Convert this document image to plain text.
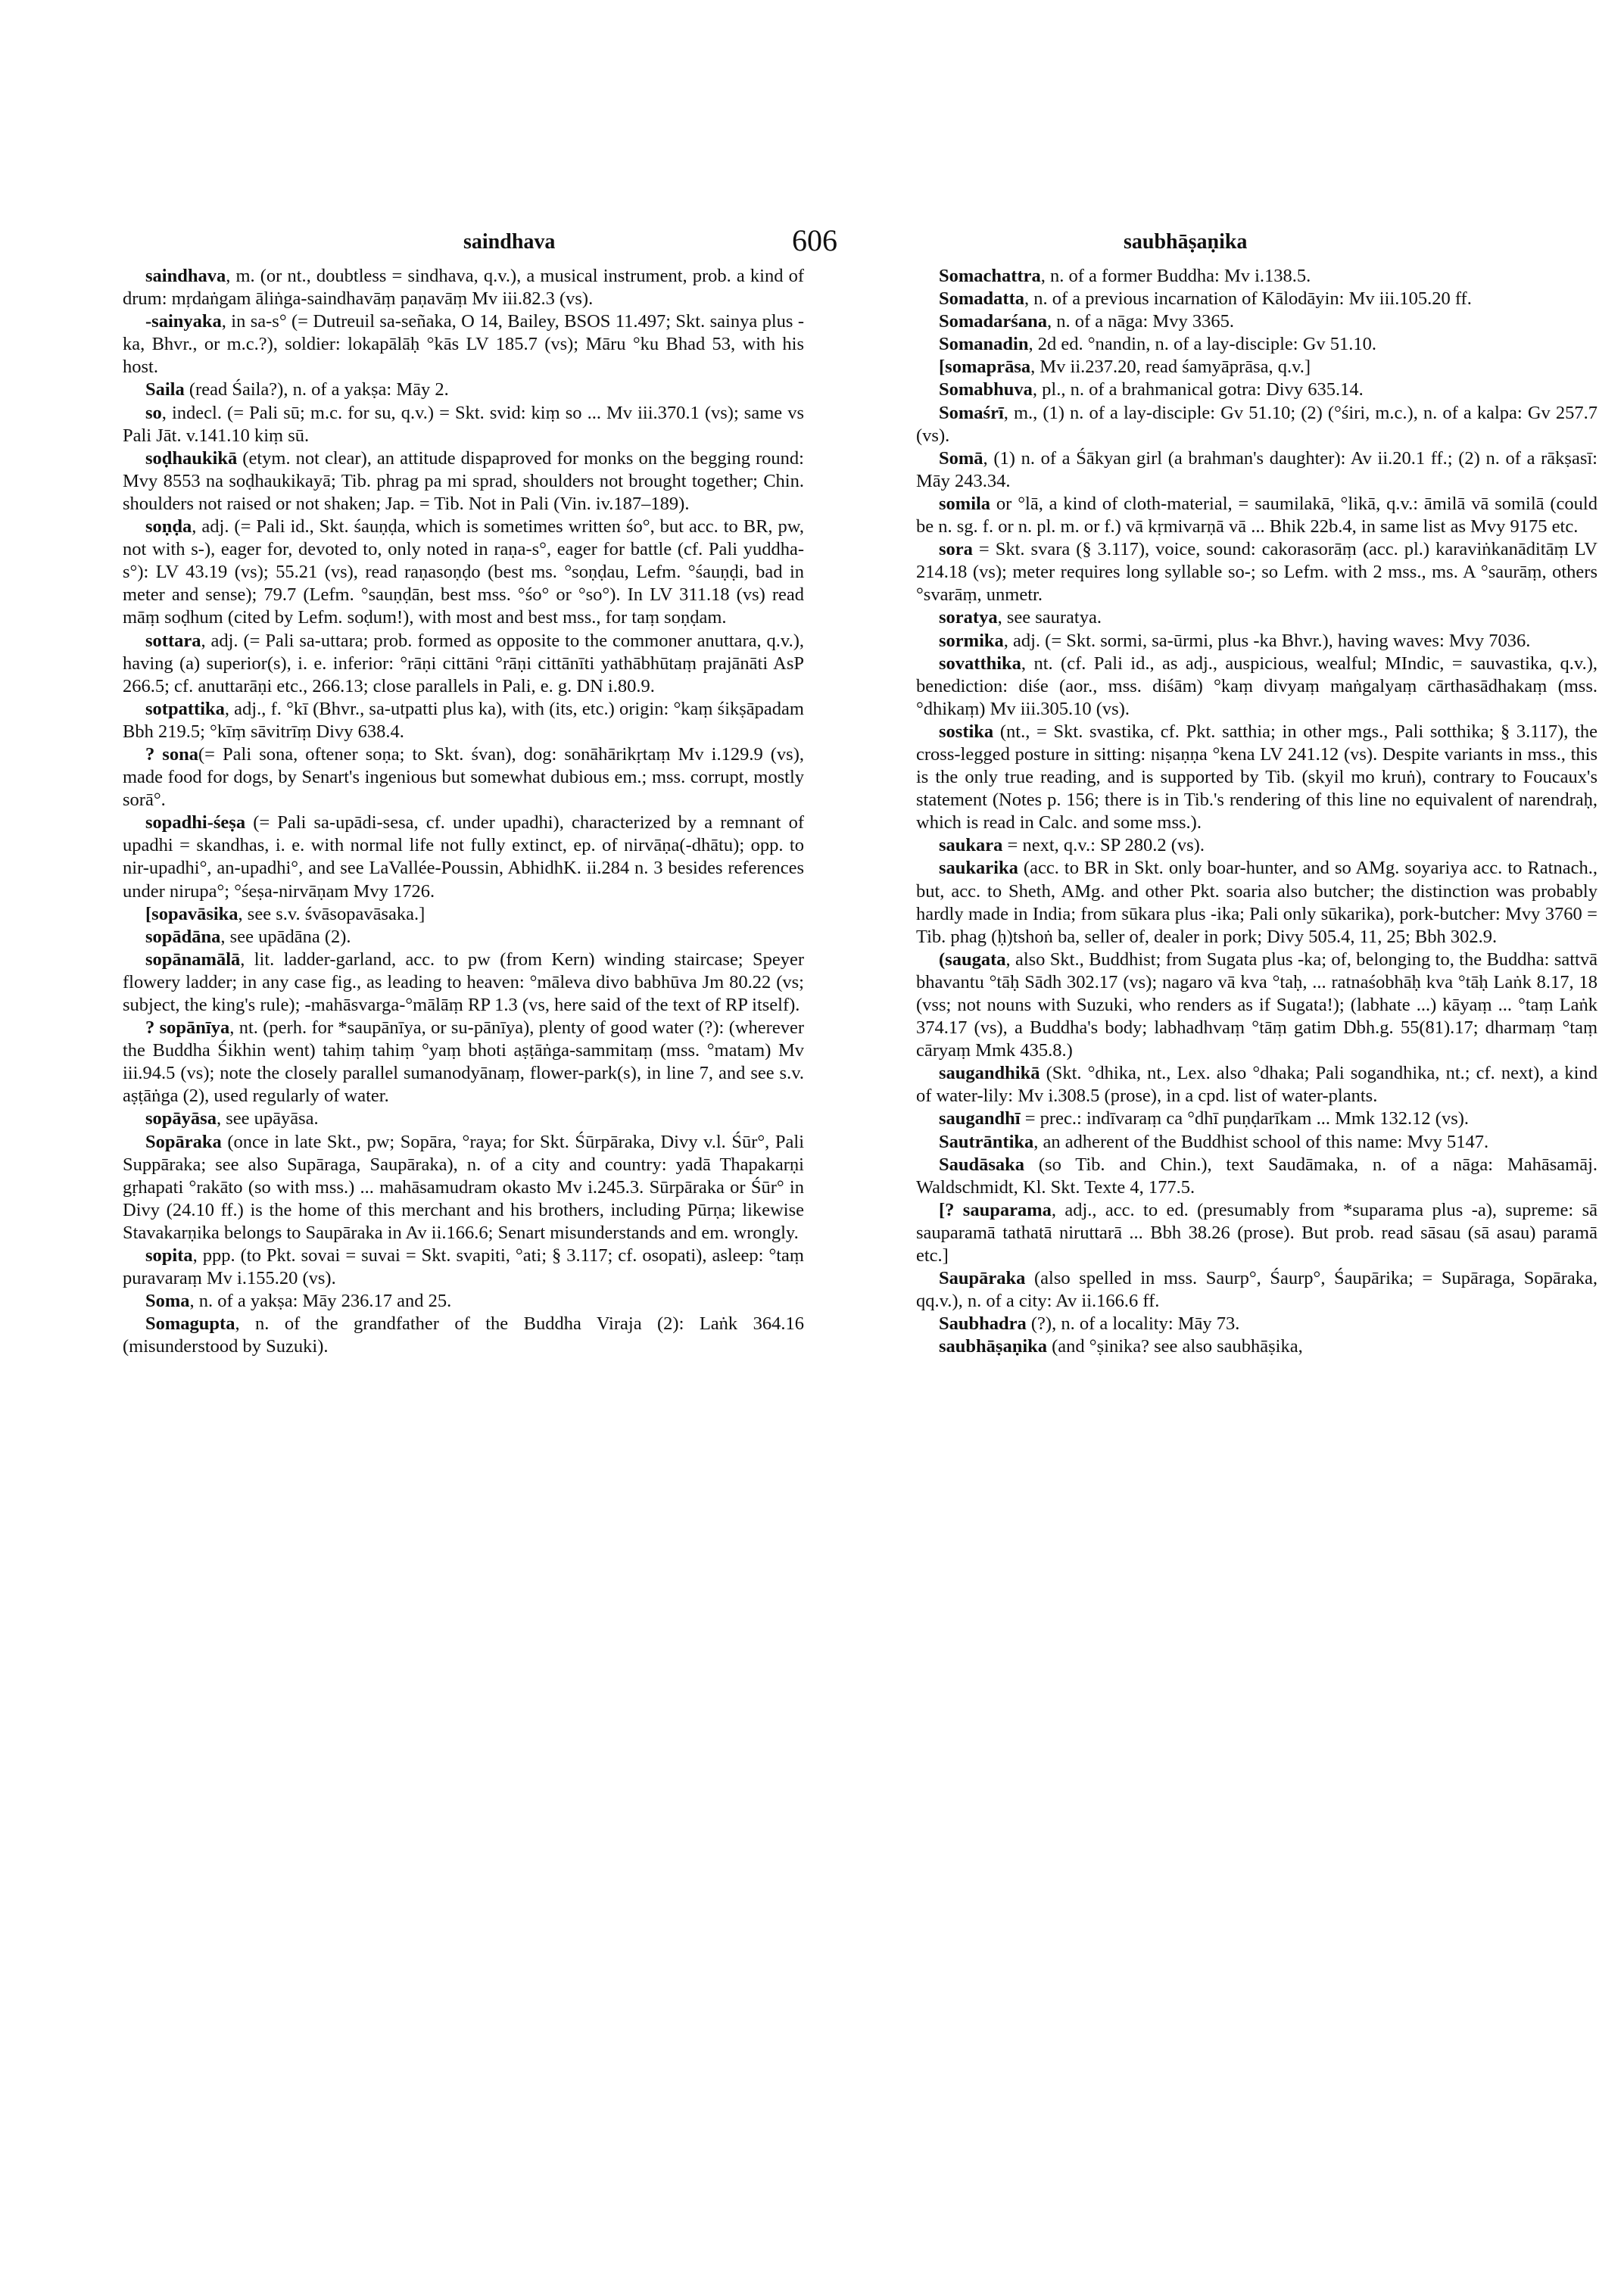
saindhava	606	saubhāṣaṇika

saindhava, m. (or nt., doubtless = sindhava, q.v.), a musical instrument, prob. a kind of drum: mṛdaṅgam āliṅga-saindhavāṃ paṇavāṃ Mv iii.82.3 (vs).

-sainyaka, in sa-s° (= Dutreuil sa-señaka, O 14, Bailey, BSOS 11.497; Skt. sainya plus -ka, Bhvr., or m.c.?), soldier: lokapālāḥ °kās LV 185.7 (vs); Māru °ku Bhad 53, with his host.

Saila (read Śaila?), n. of a yakṣa: Māy 2.

so, indecl. (= Pali sū; m.c. for su, q.v.) = Skt. svid: kiṃ so ... Mv iii.370.1 (vs); same vs Pali Jāt. v.141.10 kiṃ sū.

soḍhaukikā (etym. not clear), an attitude dispaproved for monks on the begging round: Mvy 8553 na soḍhaukikayā; Tib. phrag pa mi sprad, shoulders not brought together; Chin. shoulders not raised or not shaken; Jap. = Tib. Not in Pali (Vin. iv.187–189).

soṇḍa, adj. (= Pali id., Skt. śauṇḍa, which is sometimes written śo°, but acc. to BR, pw, not with s-), eager for, devoted to, only noted in raṇa-s°, eager for battle (cf. Pali yuddha-s°): LV 43.19 (vs); 55.21 (vs), read raṇasoṇḍo (best ms. °soṇḍau, Lefm. °śauṇḍi, bad in meter and sense); 79.7 (Lefm. °sauṇḍān, best mss. °śo° or °so°). In LV 311.18 (vs) read māṃ soḍhum (cited by Lefm. soḍum!), with most and best mss., for taṃ soṇḍam.

sottara, adj. (= Pali sa-uttara; prob. formed as opposite to the commoner anuttara, q.v.), having (a) superior(s), i. e. inferior: °rāṇi cittāni °rāṇi cittānīti yathābhūtaṃ prajānāti AsP 266.5; cf. anuttarāṇi etc., 266.13; close parallels in Pali, e. g. DN i.80.9.

sotpattika, adj., f. °kī (Bhvr., sa-utpatti plus ka), with (its, etc.) origin: °kaṃ śikṣāpadam Bbh 219.5; °kīṃ sāvitrīṃ Divy 638.4.

? sona(= Pali sona, oftener soṇa; to Skt. śvan), dog: sonāhārikṛtaṃ Mv i.129.9 (vs), made food for dogs, by Senart's ingenious but somewhat dubious em.; mss. corrupt, mostly sorā°.

sopadhi-śeṣa (= Pali sa-upādi-sesa, cf. under upadhi), characterized by a remnant of upadhi = skandhas, i. e. with normal life not fully extinct, ep. of nirvāṇa(-dhātu); opp. to nir-upadhi°, an-upadhi°, and see LaVallée-Poussin, AbhidhK. ii.284 n. 3 besides references under nirupa°; °śeṣa-nirvāṇam Mvy 1726.

[sopavāsika, see s.v. śvāsopavāsaka.]

sopādāna, see upādāna (2).

sopānamālā, lit. ladder-garland, acc. to pw (from Kern) winding staircase; Speyer flowery ladder; in any case fig., as leading to heaven: °māleva divo babhūva Jm 80.22 (vs; subject, the king's rule); -mahāsvarga-°mālāṃ RP 1.3 (vs, here said of the text of RP itself).

? sopānīya, nt. (perh. for *saupānīya, or su-pānīya), plenty of good water (?): (wherever the Buddha Śikhin went) tahiṃ tahiṃ °yaṃ bhoti aṣṭāṅga-sammitaṃ (mss. °matam) Mv iii.94.5 (vs); note the closely parallel sumanodyānaṃ, flower-park(s), in line 7, and see s.v. aṣṭāṅga (2), used regularly of water.

sopāyāsa, see upāyāsa.

Sopāraka (once in late Skt., pw; Sopāra, °raya; for Skt. Śūrpāraka, Divy v.l. Śūr°, Pali Suppāraka; see also Supāraga, Saupāraka), n. of a city and country: yadā Thapakarṇi gṛhapati °rakāto (so with mss.) ... mahāsamudram okasto Mv i.245.3. Sūrpāraka or Śūr° in Divy (24.10 ff.) is the home of this merchant and his brothers, including Pūrṇa; likewise Stavakarṇika belongs to Saupāraka in Av ii.166.6; Senart misunderstands and em. wrongly.

sopita, ppp. (to Pkt. sovai = suvai = Skt. svapiti, °ati; § 3.117; cf. osopati), asleep: °taṃ puravaraṃ Mv i.155.20 (vs).

Soma, n. of a yakṣa: Māy 236.17 and 25.

Somagupta, n. of the grandfather of the Buddha Viraja (2): Laṅk 364.16 (misunderstood by Suzuki).

Somachattra, n. of a former Buddha: Mv i.138.5.

Somadatta, n. of a previous incarnation of Kālodāyin: Mv iii.105.20 ff.

Somadarśana, n. of a nāga: Mvy 3365.

Somanadin, 2d ed. °nandin, n. of a lay-disciple: Gv 51.10.

[somaprāsa, Mv ii.237.20, read śamyāprāsa, q.v.]

Somabhuva, pl., n. of a brahmanical gotra: Divy 635.14.

Somaśrī, m., (1) n. of a lay-disciple: Gv 51.10; (2) (°śiri, m.c.), n. of a kalpa: Gv 257.7 (vs).

Somā, (1) n. of a Śākyan girl (a brahman's daughter): Av ii.20.1 ff.; (2) n. of a rākṣasī: Māy 243.34.

somila or °lā, a kind of cloth-material, = saumilakā, °likā, q.v.: āmilā vā somilā (could be n. sg. f. or n. pl. m. or f.) vā kṛmivarṇā vā ... Bhik 22b.4, in same list as Mvy 9175 etc.

sora = Skt. svara (§ 3.117), voice, sound: cakorasorāṃ (acc. pl.) karaviṅkanāditāṃ LV 214.18 (vs); meter requires long syllable so-; so Lefm. with 2 mss., ms. A °saurāṃ, others °svarāṃ, unmetr.

soratya, see sauratya.

sormika, adj. (= Skt. sormi, sa-ūrmi, plus -ka Bhvr.), having waves: Mvy 7036.

sovatthika, nt. (cf. Pali id., as adj., auspicious, wealful; MIndic, = sauvastika, q.v.), benediction: diśe (aor., mss. diśām) °kaṃ divyaṃ maṅgalyaṃ cārthasādhakaṃ (mss. °dhikaṃ) Mv iii.305.10 (vs).

sostika (nt., = Skt. svastika, cf. Pkt. satthia; in other mgs., Pali sotthika; § 3.117), the cross-legged posture in sitting: niṣaṇṇa °kena LV 241.12 (vs). Despite variants in mss., this is the only true reading, and is supported by Tib. (skyil mo kruṅ), contrary to Foucaux's statement (Notes p. 156; there is in Tib.'s rendering of this line no equivalent of narendraḥ, which is read in Calc. and some mss.).

saukara = next, q.v.: SP 280.2 (vs).

saukarika (acc. to BR in Skt. only boar-hunter, and so AMg. soyariya acc. to Ratnach., but, acc. to Sheth, AMg. and other Pkt. soaria also butcher; the distinction was probably hardly made in India; from sūkara plus -ika; Pali only sūkarika), pork-butcher: Mvy 3760 = Tib. phag (ḥ)tshoṅ ba, seller of, dealer in pork; Divy 505.4, 11, 25; Bbh 302.9.

(saugata, also Skt., Buddhist; from Sugata plus -ka; of, belonging to, the Buddha: sattvā bhavantu °tāḥ Sādh 302.17 (vs); nagaro vā kva °taḥ, ... ratnaśobhāḥ kva °tāḥ Laṅk 8.17, 18 (vss; not nouns with Suzuki, who renders as if Sugata!); (labhate ...) kāyaṃ ... °taṃ Laṅk 374.17 (vs), a Buddha's body; labhadhvaṃ °tāṃ gatim Dbh.g. 55(81).17; dharmaṃ °taṃ cāryaṃ Mmk 435.8.)

saugandhikā (Skt. °dhika, nt., Lex. also °dhaka; Pali sogandhika, nt.; cf. next), a kind of water-lily: Mv i.308.5 (prose), in a cpd. list of water-plants.

saugandhī = prec.: indīvaraṃ ca °dhī puṇḍarīkam ... Mmk 132.12 (vs).

Sautrāntika, an adherent of the Buddhist school of this name: Mvy 5147.

Saudāsaka (so Tib. and Chin.), text Saudāmaka, n. of a nāga: Mahāsamāj. Waldschmidt, Kl. Skt. Texte 4, 177.5.

[? sauparama, adj., acc. to ed. (presumably from *suparama plus -a), supreme: sā sauparamā tathatā niruttarā ... Bbh 38.26 (prose). But prob. read sāsau (sā asau) paramā etc.]

Saupāraka (also spelled in mss. Saurp°, Śaurp°, Śaupārika; = Supāraga, Sopāraka, qq.v.), n. of a city: Av ii.166.6 ff.

Saubhadra (?), n. of a locality: Māy 73.

saubhāṣaṇika (and °ṣinika? see also saubhāṣika,
